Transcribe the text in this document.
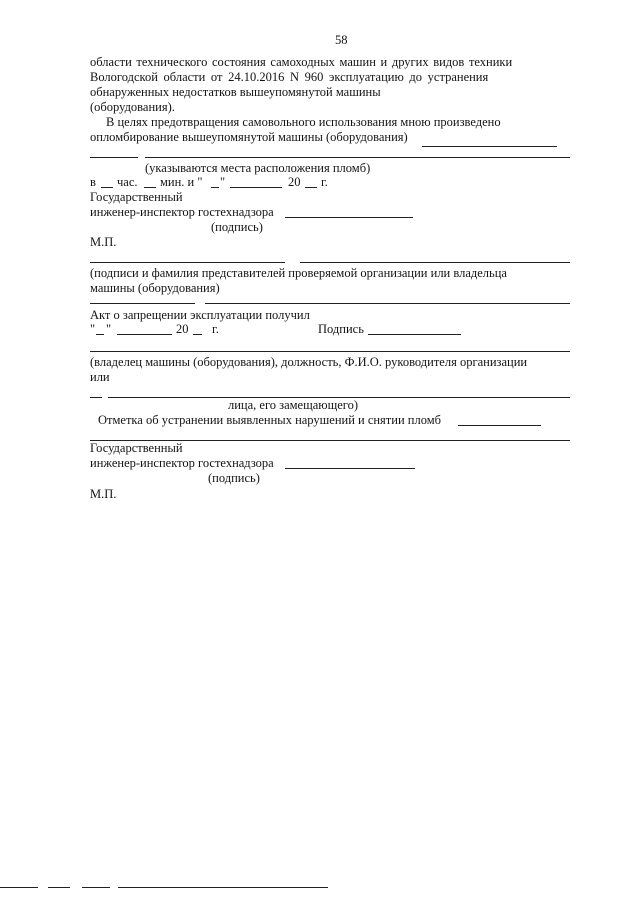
58
области технического состояния самоходных машин и других видов техники
Вологодской области от 24.10.2016 N 960 эксплуатацию до устранения
обнаруженных недостатков вышеупомянутой машины
(оборудования).
В целях предотвращения самовольного использования мною произведено
опломбирование вышеупомянутой машины (оборудования)
(указываются места расположения пломб)
в час. мин. и " "	20 г.
Государственный
инженер-инспектор гостехнадзора
(подпись)
М.П.
(подписи и фамилия представителей проверяемой организации или владельца
машины (оборудования)
Акт о запрещении эксплуатации получил
" "	20 г.	Подпись
(владелец машины (оборудования), должность, Ф.И.О. руководителя организации
или
лица, его замещающего)
Отметка об устранении выявленных нарушений и снятии пломб
Государственный
инженер-инспектор гостехнадзора
(подпись)
М.П.
